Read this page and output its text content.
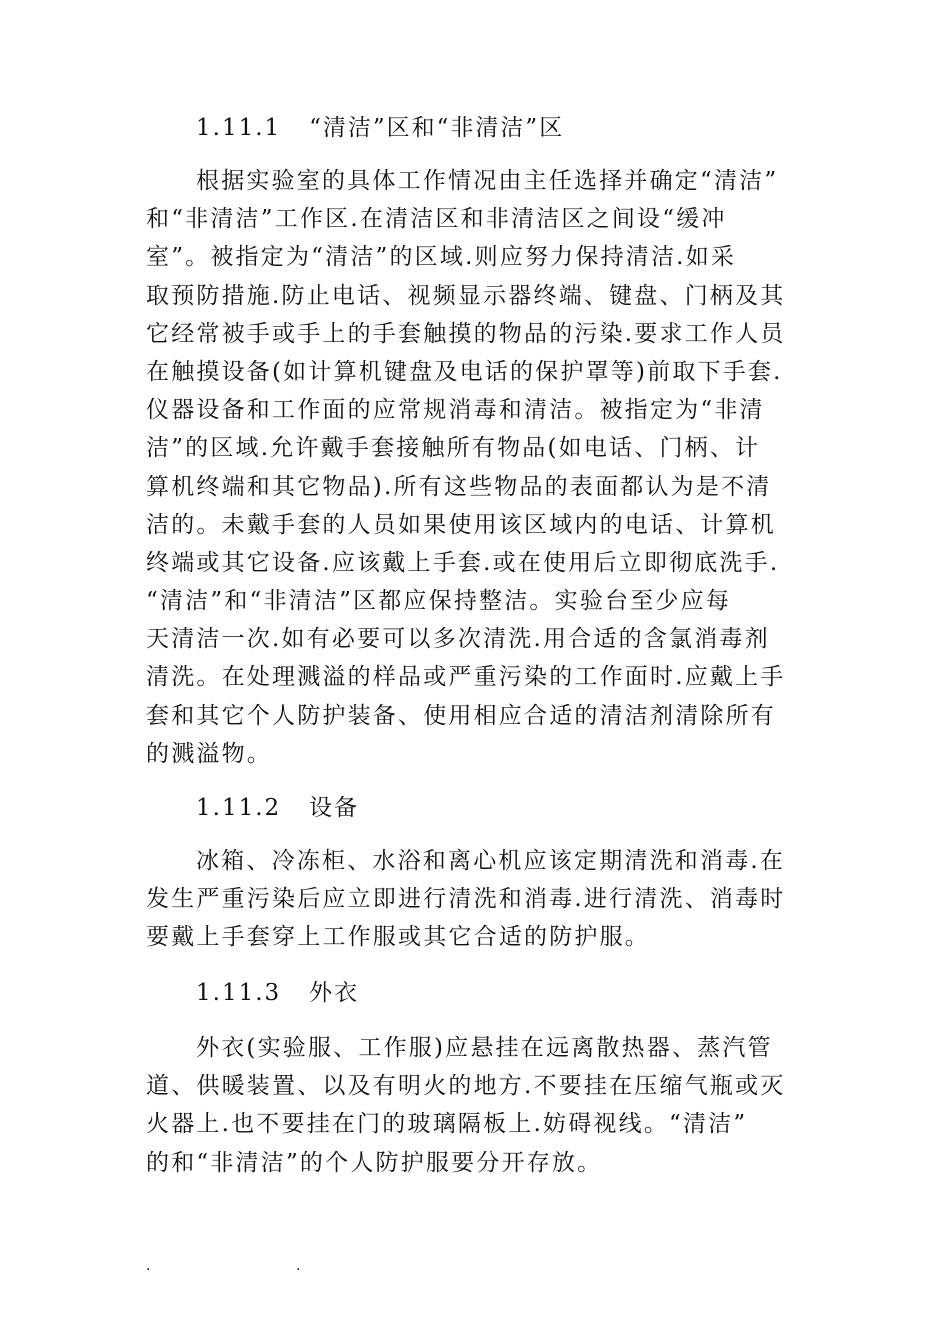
1.11.1 “清洁”区和“非清洁”区
根据实验室的具体工作情况由主任选择并确定“清洁”
和“非清洁”工作区.在清洁区和非清洁区之间设“缓冲
室”。被指定为“清洁”的区域.则应努力保持清洁.如采
取预防措施.防止电话、视频显示器终端、键盘、门柄及其
它经常被手或手上的手套触摸的物品的污染.要求工作人员
在触摸设备(如计算机键盘及电话的保护罩等)前取下手套.
仪器设备和工作面的应常规消毒和清洁。被指定为“非清
洁”的区域.允许戴手套接触所有物品(如电话、门柄、计
算机终端和其它物品).所有这些物品的表面都认为是不清
洁的。未戴手套的人员如果使用该区域内的电话、计算机
终端或其它设备.应该戴上手套.或在使用后立即彻底洗手.
“清洁”和“非清洁”区都应保持整洁。实验台至少应每
天清洁一次.如有必要可以多次清洗.用合适的含氯消毒剂
清洗。在处理溅溢的样品或严重污染的工作面时.应戴上手
套和其它个人防护装备、使用相应合适的清洁剂清除所有
的溅溢物。
1.11.2 设备
冰箱、冷冻柜、水浴和离心机应该定期清洗和消毒.在
发生严重污染后应立即进行清洗和消毒.进行清洗、消毒时
要戴上手套穿上工作服或其它合适的防护服。
1.11.3 外衣
外衣(实验服、工作服)应悬挂在远离散热器、蒸汽管
道、供暖装置、以及有明火的地方.不要挂在压缩气瓶或灭
火器上.也不要挂在门的玻璃隔板上.妨碍视线。“清洁”
的和“非清洁”的个人防护服要分开存放。
.	.
